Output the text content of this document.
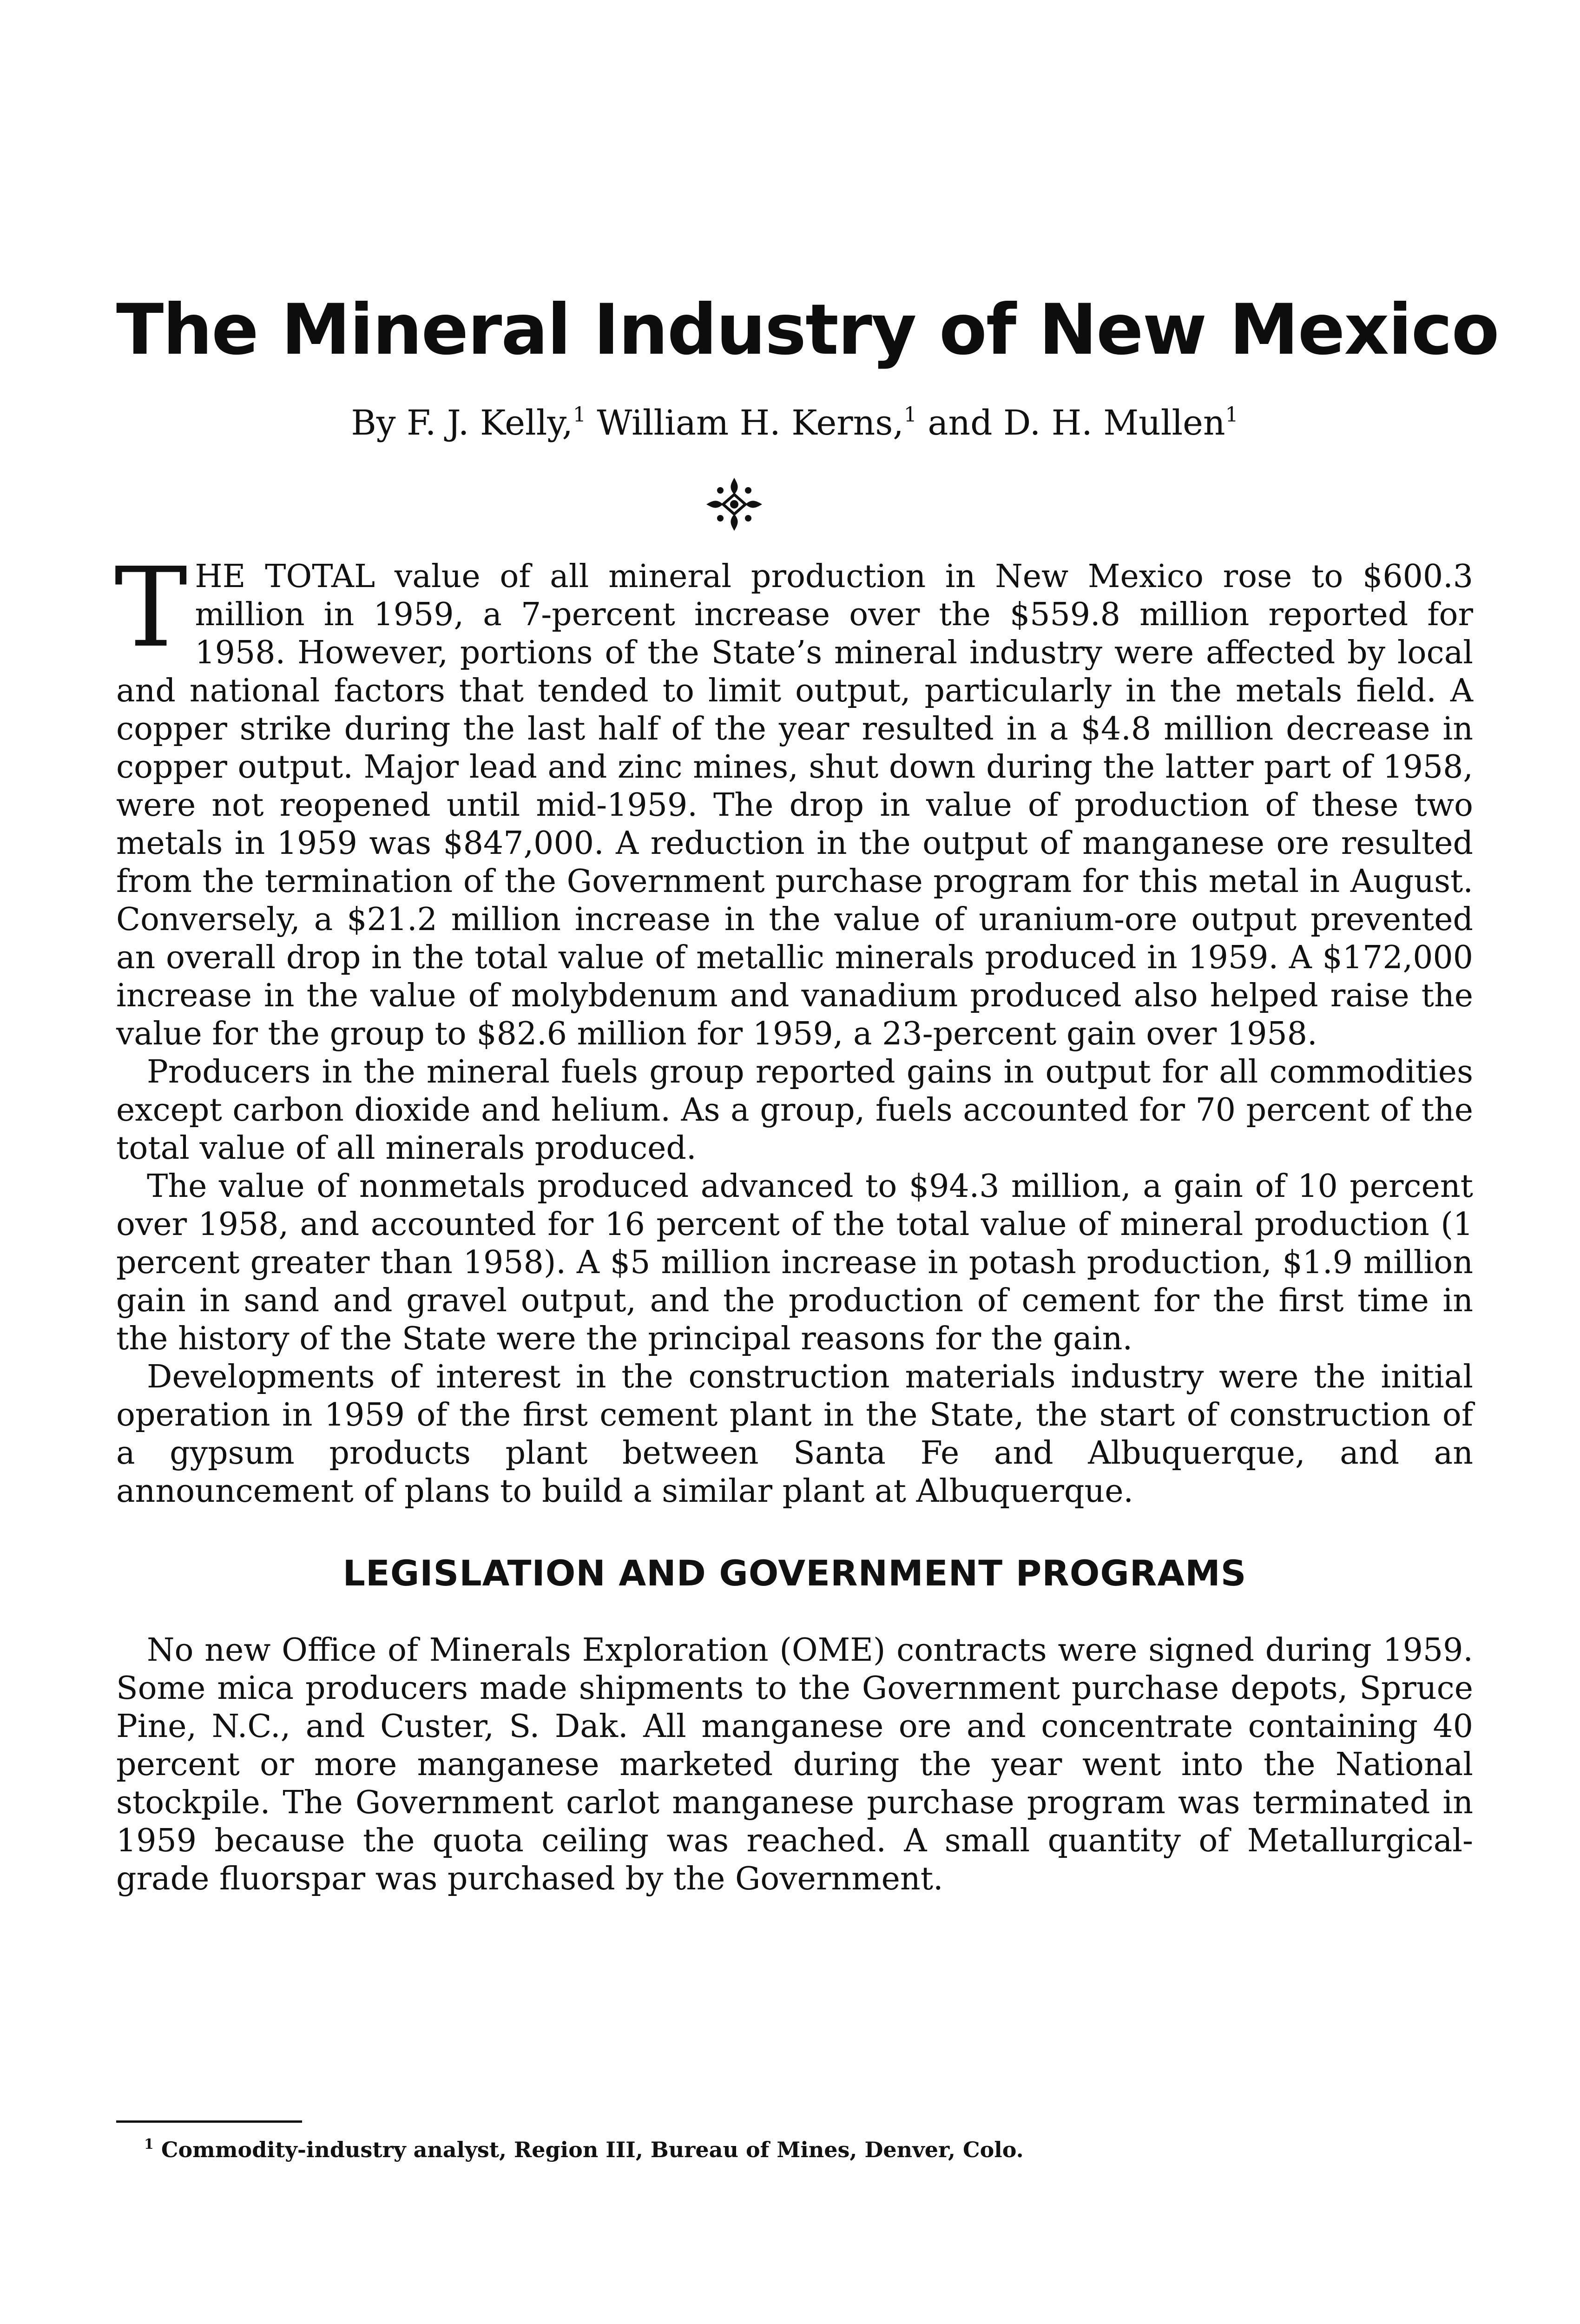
The Mineral Industry of New Mexico
By F. J. Kelly,$^1$ William H. Kerns,$^1$ and D. H. Mullen$^1$

THE TOTAL value of all mineral production in New Mexico rose to $600.3 million in 1959, a 7-percent increase over the $559.8 million reported for 1958. However, portions of the State’s mineral industry were affected by local and national factors that tended to limit output, particularly in the metals field. A copper strike during the last half of the year resulted in a $4.8 million decrease in copper output. Major lead and zinc mines, shut down during the latter part of 1958, were not reopened until mid-1959. The drop in value of production of these two metals in 1959 was $847,000. A reduction in the output of manganese ore resulted from the termination of the Government purchase program for this metal in August. Conversely, a $21.2 million increase in the value of uranium-ore output prevented an overall drop in the total value of metallic minerals produced in 1959. A $172,000 increase in the value of molybdenum and vanadium produced also helped raise the value for the group to $82.6 million for 1959, a 23-percent gain over 1958.

Producers in the mineral fuels group reported gains in output for all commodities except carbon dioxide and helium. As a group, fuels accounted for 70 percent of the total value of all minerals produced.

The value of nonmetals produced advanced to $94.3 million, a gain of 10 percent over 1958, and accounted for 16 percent of the total value of mineral production (1 percent greater than 1958). A $5 million increase in potash production, $1.9 million gain in sand and gravel output, and the production of cement for the first time in the history of the State were the principal reasons for the gain.

Developments of interest in the construction materials industry were the initial operation in 1959 of the first cement plant in the State, the start of construction of a gypsum products plant between Santa Fe and Albuquerque, and an announcement of plans to build a similar plant at Albuquerque.

LEGISLATION AND GOVERNMENT PROGRAMS

No new Office of Minerals Exploration (OME) contracts were signed during 1959. Some mica producers made shipments to the Government purchase depots, Spruce Pine, N.C., and Custer, S. Dak. All manganese ore and concentrate containing 40 percent or more manganese marketed during the year went into the National stockpile. The Government carlot manganese purchase program was terminated in 1959 because the quota ceiling was reached. A small quantity of Metallurgical-grade fluorspar was purchased by the Government.

$^1$ Commodity-industry analyst, Region III, Bureau of Mines, Denver, Colo.
